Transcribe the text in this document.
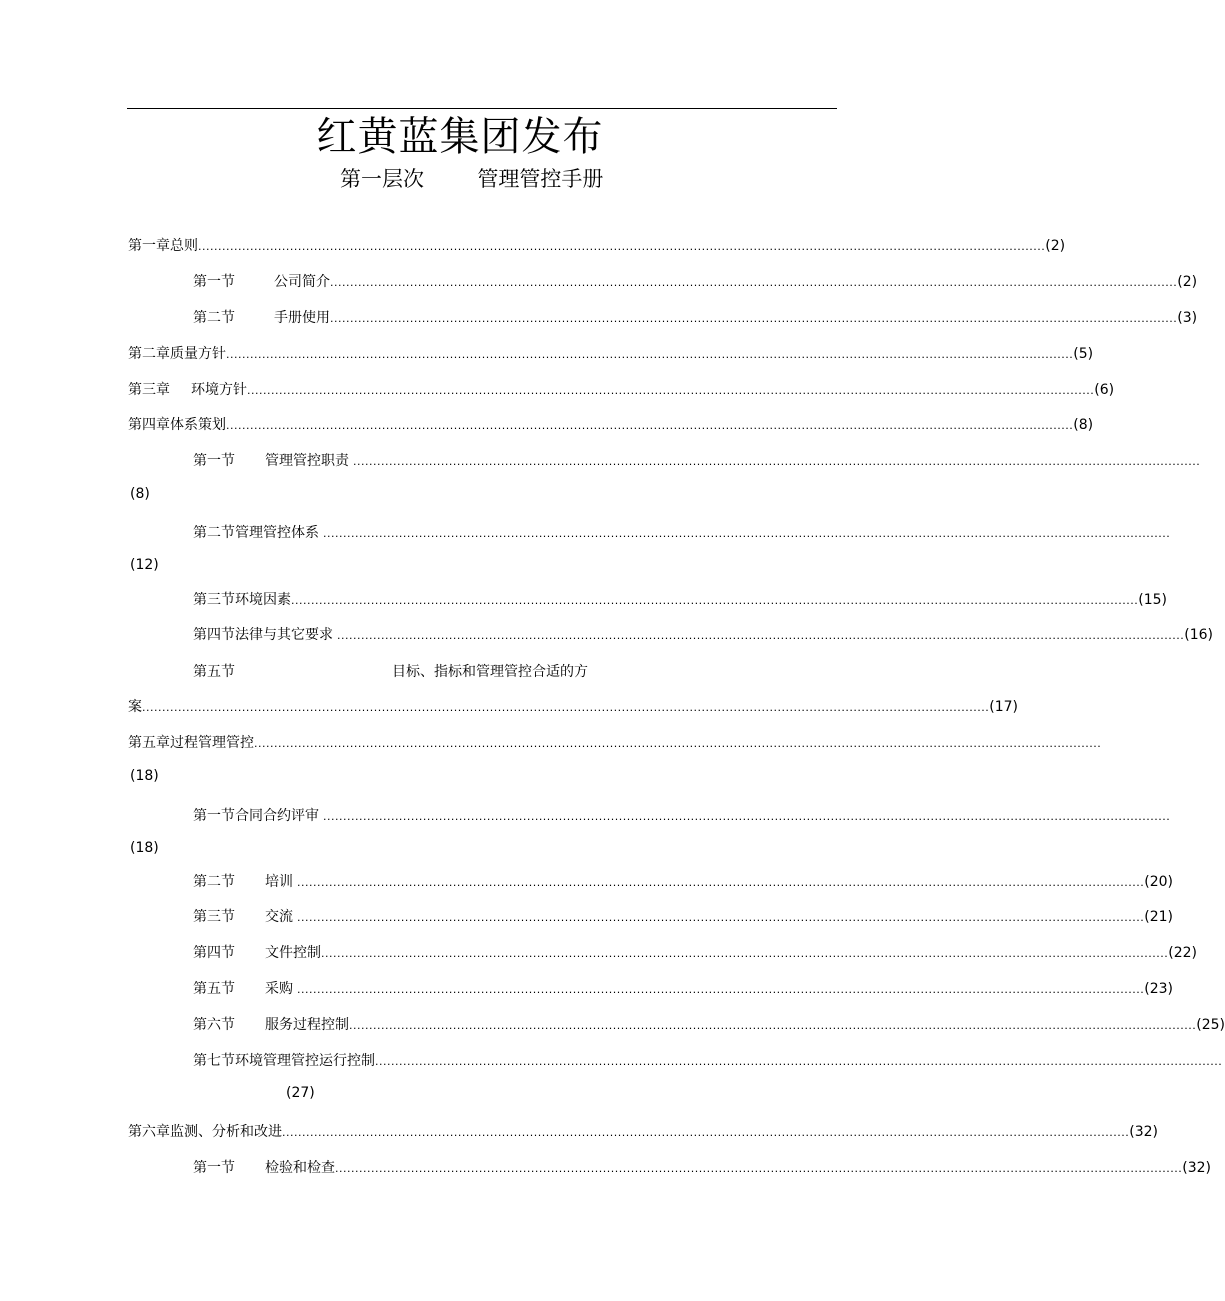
红黄蓝集团发布
第一层次	管理管控手册
第一章总则 .................................................................................................................................................................................................................... (2)
第一节	公司简介 .................................................................................................................................................................................................................... (2)
第二节	手册使用 .................................................................................................................................................................................................................... (3)
第二章质量方针 .................................................................................................................................................................................................................... (5)
第三章 环境方针 .................................................................................................................................................................................................................... (6)
第四章体系策划 .................................................................................................................................................................................................................... (8)
第一节 管理管控职责 ....................................................................................................................................................................................................................
(8)
第二节管理管控体系 ....................................................................................................................................................................................................................
(12)
第三节环境因素 .................................................................................................................................................................................................................... (15)
第四节法律与其它要求 .................................................................................................................................................................................................................... (16)
第五节	目标、指标和管理管控合适的方
案 .................................................................................................................................................................................................................... (17)
第五章过程管理管控 ....................................................................................................................................................................................................................
(18)
第一节合同合约评审 ....................................................................................................................................................................................................................
(18)
第二节 培训 .................................................................................................................................................................................................................... (20)
第三节 交流 .................................................................................................................................................................................................................... (21)
第四节 文件控制 .................................................................................................................................................................................................................... (22)
第五节 采购 .................................................................................................................................................................................................................... (23)
第六节 服务过程控制 .................................................................................................................................................................................................................... (25)
第七节环境管理管控运行控制 ....................................................................................................................................................................................................................
(27)
第六章监测、分析和改进 .................................................................................................................................................................................................................... (32)
第一节 检验和检查 .................................................................................................................................................................................................................... (32)
